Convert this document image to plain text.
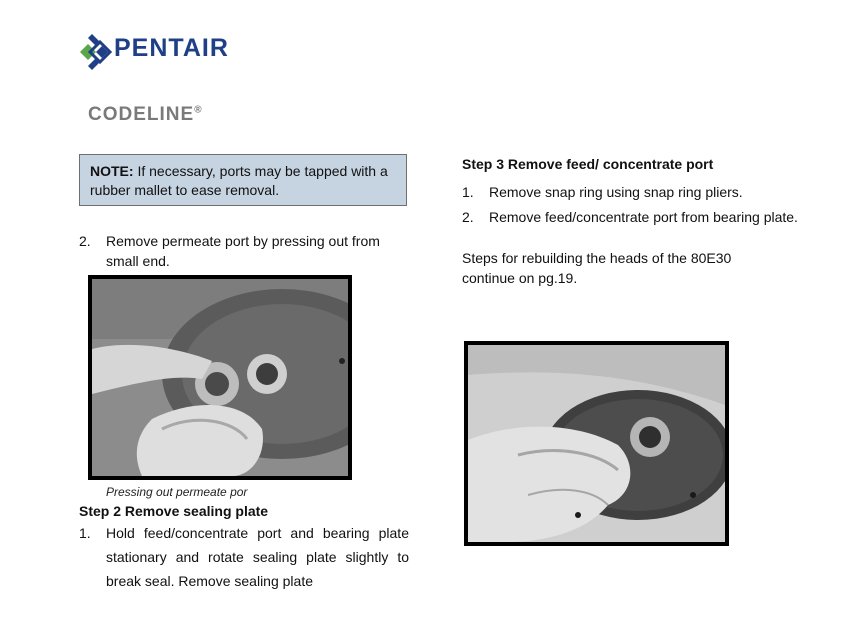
PENTAIR
CODELINE®
NOTE: If necessary, ports may be tapped with a rubber mallet to ease removal.
2.	Remove permeate port by pressing out from small end.
Pressing out permeate por
Step 2 Remove sealing plate
1.	Hold feed/concentrate port and bearing plate stationary and rotate sealing plate slightly to break seal. Remove sealing plate
Step 3 Remove feed/ concentrate port
1.	Remove snap ring using snap ring pliers.
2.	Remove feed/concentrate port from bearing plate.
Steps for rebuilding the heads of the 80E30 continue on pg.19.
